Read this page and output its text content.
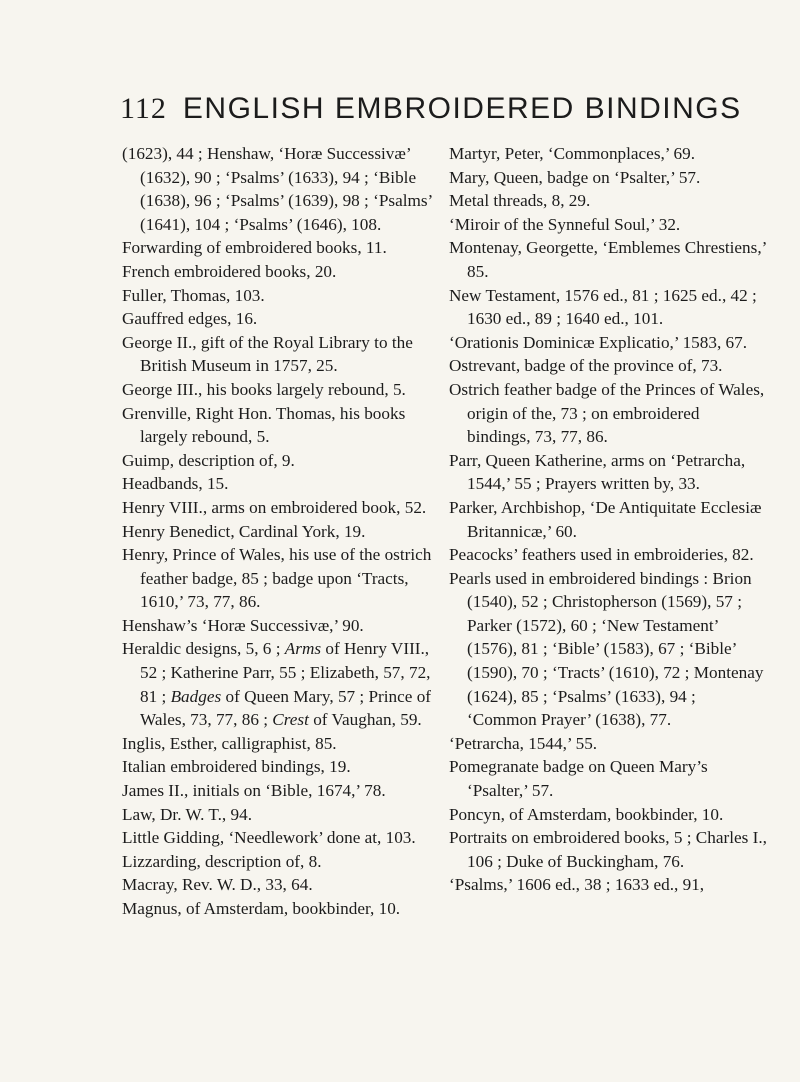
112 ENGLISH EMBROIDERED BINDINGS
(1623), 44 ; Henshaw, ‘Horæ Successivæ’ (1632), 90 ; ‘Psalms’ (1633), 94 ; ‘Bible (1638), 96 ; ‘Psalms’ (1639), 98 ; ‘Psalms’ (1641), 104 ; ‘Psalms’ (1646), 108.
Forwarding of embroidered books, 11.
French embroidered books, 20.
Fuller, Thomas, 103.
Gauffred edges, 16.
George II., gift of the Royal Library to the British Museum in 1757, 25.
George III., his books largely rebound, 5.
Grenville, Right Hon. Thomas, his books largely rebound, 5.
Guimp, description of, 9.
Headbands, 15.
Henry VIII., arms on embroidered book, 52.
Henry Benedict, Cardinal York, 19.
Henry, Prince of Wales, his use of the ostrich feather badge, 85 ; badge upon ‘Tracts, 1610,’ 73, 77, 86.
Henshaw’s ‘Horæ Successivæ,’ 90.
Heraldic designs, 5, 6 ; Arms of Henry VIII., 52 ; Katherine Parr, 55 ; Elizabeth, 57, 72, 81 ; Badges of Queen Mary, 57 ; Prince of Wales, 73, 77, 86 ; Crest of Vaughan, 59.
Inglis, Esther, calligraphist, 85.
Italian embroidered bindings, 19.
James II., initials on ‘Bible, 1674,’ 78.
Law, Dr. W. T., 94.
Little Gidding, ‘Needlework’ done at, 103.
Lizzarding, description of, 8.
Macray, Rev. W. D., 33, 64.
Magnus, of Amsterdam, bookbinder, 10.
Martyr, Peter, ‘Commonplaces,’ 69.
Mary, Queen, badge on ‘Psalter,’ 57.
Metal threads, 8, 29.
‘Miroir of the Synneful Soul,’ 32.
Montenay, Georgette, ‘Emblemes Chrestiens,’ 85.
New Testament, 1576 ed., 81 ; 1625 ed., 42 ; 1630 ed., 89 ; 1640 ed., 101.
‘Orationis Dominicæ Explicatio,’ 1583, 67.
Ostrevant, badge of the province of, 73.
Ostrich feather badge of the Princes of Wales, origin of the, 73 ; on embroidered bindings, 73, 77, 86.
Parr, Queen Katherine, arms on ‘Petrarcha, 1544,’ 55 ; Prayers written by, 33.
Parker, Archbishop, ‘De Antiquitate Ecclesiæ Britannicæ,’ 60.
Peacocks’ feathers used in embroideries, 82.
Pearls used in embroidered bindings : Brion (1540), 52 ; Christopherson (1569), 57 ; Parker (1572), 60 ; ‘New Testament’ (1576), 81 ; ‘Bible’ (1583), 67 ; ‘Bible’ (1590), 70 ; ‘Tracts’ (1610), 72 ; Montenay (1624), 85 ; ‘Psalms’ (1633), 94 ; ‘Common Prayer’ (1638), 77.
‘Petrarcha, 1544,’ 55.
Pomegranate badge on Queen Mary’s ‘Psalter,’ 57.
Poncyn, of Amsterdam, bookbinder, 10.
Portraits on embroidered books, 5 ; Charles I., 106 ; Duke of Buckingham, 76.
‘Psalms,’ 1606 ed., 38 ; 1633 ed., 91,
